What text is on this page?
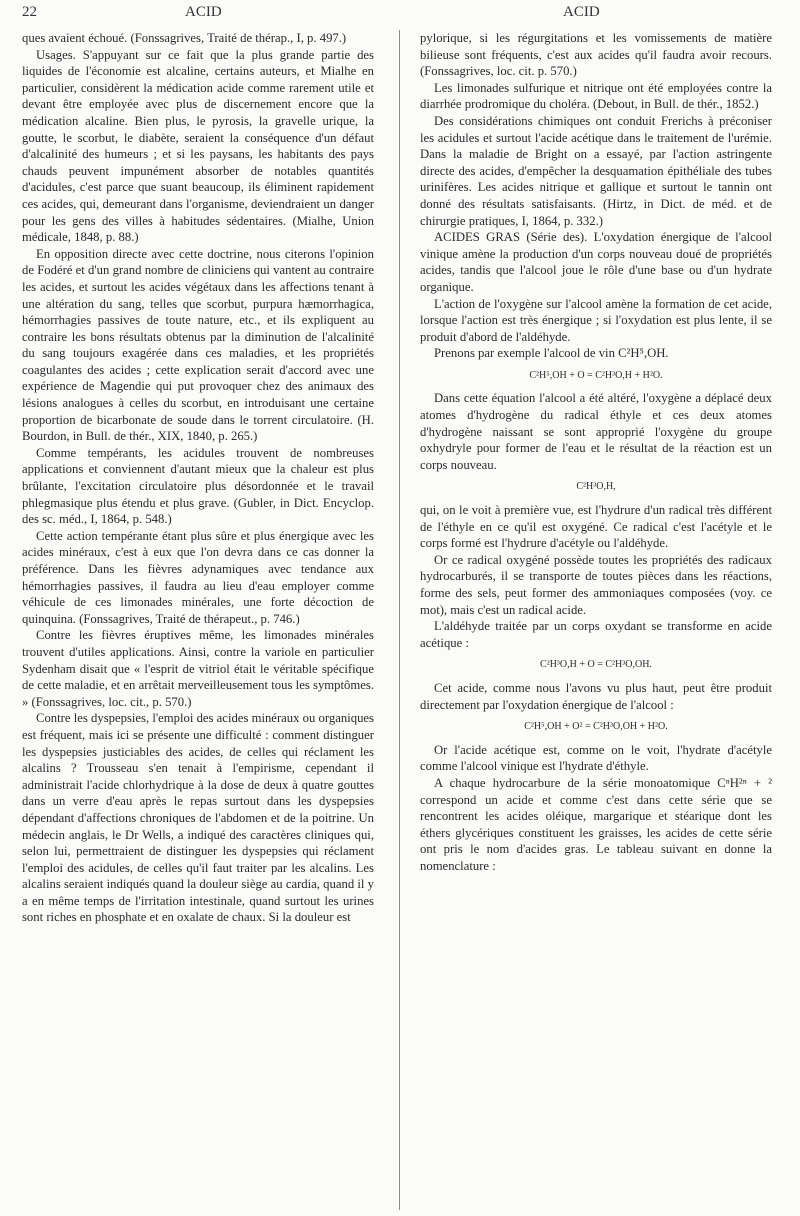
22	ACID	ACID

ques avaient échoué. (Fonssagrives, Traité de thérap., I, p. 497.)

Usages. S'appuyant sur ce fait que la plus grande partie des liquides de l'économie est alcaline, certains auteurs, et Mialhe en particulier, considèrent la médication acide comme rarement utile et devant être employée avec plus de discernement encore que la médication alcaline. Bien plus, le pyrosis, la gravelle urique, la goutte, le scorbut, le diabète, seraient la conséquence d'un défaut d'alcalinité des humeurs ; et si les paysans, les habitants des pays chauds peuvent impunément absorber de notables quantités d'acidules, c'est parce que suant beaucoup, ils éliminent rapidement ces acides, qui, demeurant dans l'organisme, deviendraient un danger pour les gens des villes à habitudes sédentaires. (Mialhe, Union médicale, 1848, p. 88.)

En opposition directe avec cette doctrine, nous citerons l'opinion de Fodéré et d'un grand nombre de cliniciens qui vantent au contraire les acides, et surtout les acides végétaux dans les affections tenant à une altération du sang, telles que scorbut, purpura hæmorrhagica, hémorrhagies passives de toute nature, etc., et ils expliquent au contraire les bons résultats obtenus par la diminution de l'alcalinité du sang toujours exagérée dans ces maladies, et les propriétés coagulantes des acides ; cette explication serait d'accord avec une expérience de Magendie qui put provoquer chez des animaux des lésions analogues à celles du scorbut, en introduisant une certaine proportion de bicarbonate de soude dans le torrent circulatoire. (H. Bourdon, in Bull. de thér., XIX, 1840, p. 265.)

Comme tempérants, les acidules trouvent de nombreuses applications et conviennent d'autant mieux que la chaleur est plus brûlante, l'excitation circulatoire plus désordonnée et le travail phlegmasique plus étendu et plus grave. (Gubler, in Dict. Encyclop. des sc. méd., I, 1864, p. 548.)

Cette action tempérante étant plus sûre et plus énergique avec les acides minéraux, c'est à eux que l'on devra dans ce cas donner la préférence. Dans les fièvres adynamiques avec tendance aux hémorrhagies passives, il faudra au lieu d'eau employer comme véhicule de ces limonades minérales, une forte décoction de quinquina. (Fonssagrives, Traité de thérapeut., p. 746.)

Contre les fièvres éruptives même, les limonades minérales trouvent d'utiles applications. Ainsi, contre la variole en particulier Sydenham disait que « l'esprit de vitriol était le véritable spécifique de cette maladie, et en arrêtait merveilleusement tous les symptômes. » (Fonssagrives, loc. cit., p. 570.)

Contre les dyspepsies, l'emploi des acides minéraux ou organiques est fréquent, mais ici se présente une difficulté : comment distinguer les dyspepsies justiciables des acides, de celles qui réclament les alcalins ? Trousseau s'en tenait à l'empirisme, cependant il administrait l'acide chlorhydrique à la dose de deux à quatre gouttes dans un verre d'eau après le repas surtout dans les dyspepsies dépendant d'affections chroniques de l'abdomen et de la poitrine. Un médecin anglais, le Dr Wells, a indiqué des caractères cliniques qui, selon lui, permettraient de distinguer les dyspepsies qui réclament l'emploi des acidules, de celles qu'il faut traiter par les alcalins. Les alcalins seraient indiqués quand la douleur siège au cardia, quand il y a en même temps de l'irritation intestinale, quand surtout les urines sont riches en phosphate et en oxalate de chaux. Si la douleur est

pylorique, si les régurgitations et les vomissements de matière bilieuse sont fréquents, c'est aux acides qu'il faudra avoir recours. (Fonssagrives, loc. cit. p. 570.)

Les limonades sulfurique et nitrique ont été employées contre la diarrhée prodromique du choléra. (Debout, in Bull. de thér., 1852.)

Des considérations chimiques ont conduit Frerichs à préconiser les acidules et surtout l'acide acétique dans le traitement de l'urémie. Dans la maladie de Bright on a essayé, par l'action astringente directe des acides, d'empêcher la desquamation épithéliale des tubes urinifères. Les acides nitrique et gallique et surtout le tannin ont donné des résultats satisfaisants. (Hirtz, in Dict. de méd. et de chirurgie pratiques, I, 1864, p. 332.)

ACIDES GRAS (Série des). L'oxydation énergique de l'alcool vinique amène la production d'un corps nouveau doué de propriétés acides, tandis que l'alcool joue le rôle d'une base ou d'un hydrate organique.

L'action de l'oxygène sur l'alcool amène la formation de cet acide, lorsque l'action est très énergique ; si l'oxydation est plus lente, il se produit d'abord de l'aldéhyde.

Prenons par exemple l'alcool de vin C²H⁵,OH.

C²H⁵,OH + O = C²H³O,H + H²O.

Dans cette équation l'alcool a été altéré, l'oxygène a déplacé deux atomes d'hydrogène du radical éthyle et ces deux atomes d'hydrogène naissant se sont approprié l'oxygène du groupe oxhydryle pour former de l'eau et le résultat de la réaction est un corps nouveau.

C²H³O,H,

qui, on le voit à première vue, est l'hydrure d'un radical très différent de l'éthyle en ce qu'il est oxygéné. Ce radical c'est l'acétyle et le corps formé est l'hydrure d'acétyle ou l'aldéhyde.

Or ce radical oxygéné possède toutes les propriétés des radicaux hydrocarburés, il se transporte de toutes pièces dans les réactions, forme des sels, peut former des ammoniaques composées (voy. ce mot), mais c'est un radical acide.

L'aldéhyde traitée par un corps oxydant se transforme en acide acétique :

C²H³O,H + O = C²H³O,OH.

Cet acide, comme nous l'avons vu plus haut, peut être produit directement par l'oxydation énergique de l'alcool :

C²H⁵,OH + O² = C²H³O,OH + H²O.

Or l'acide acétique est, comme on le voit, l'hydrate d'acétyle comme l'alcool vinique est l'hydrate d'éthyle.

A chaque hydrocarbure de la série monoatomique CⁿH²ⁿ + ² correspond un acide et comme c'est dans cette série que se rencontrent les acides oléique, margarique et stéarique dont les éthers glycériques constituent les graisses, les acides de cette série ont pris le nom d'acides gras. Le tableau suivant en donne la nomenclature :
